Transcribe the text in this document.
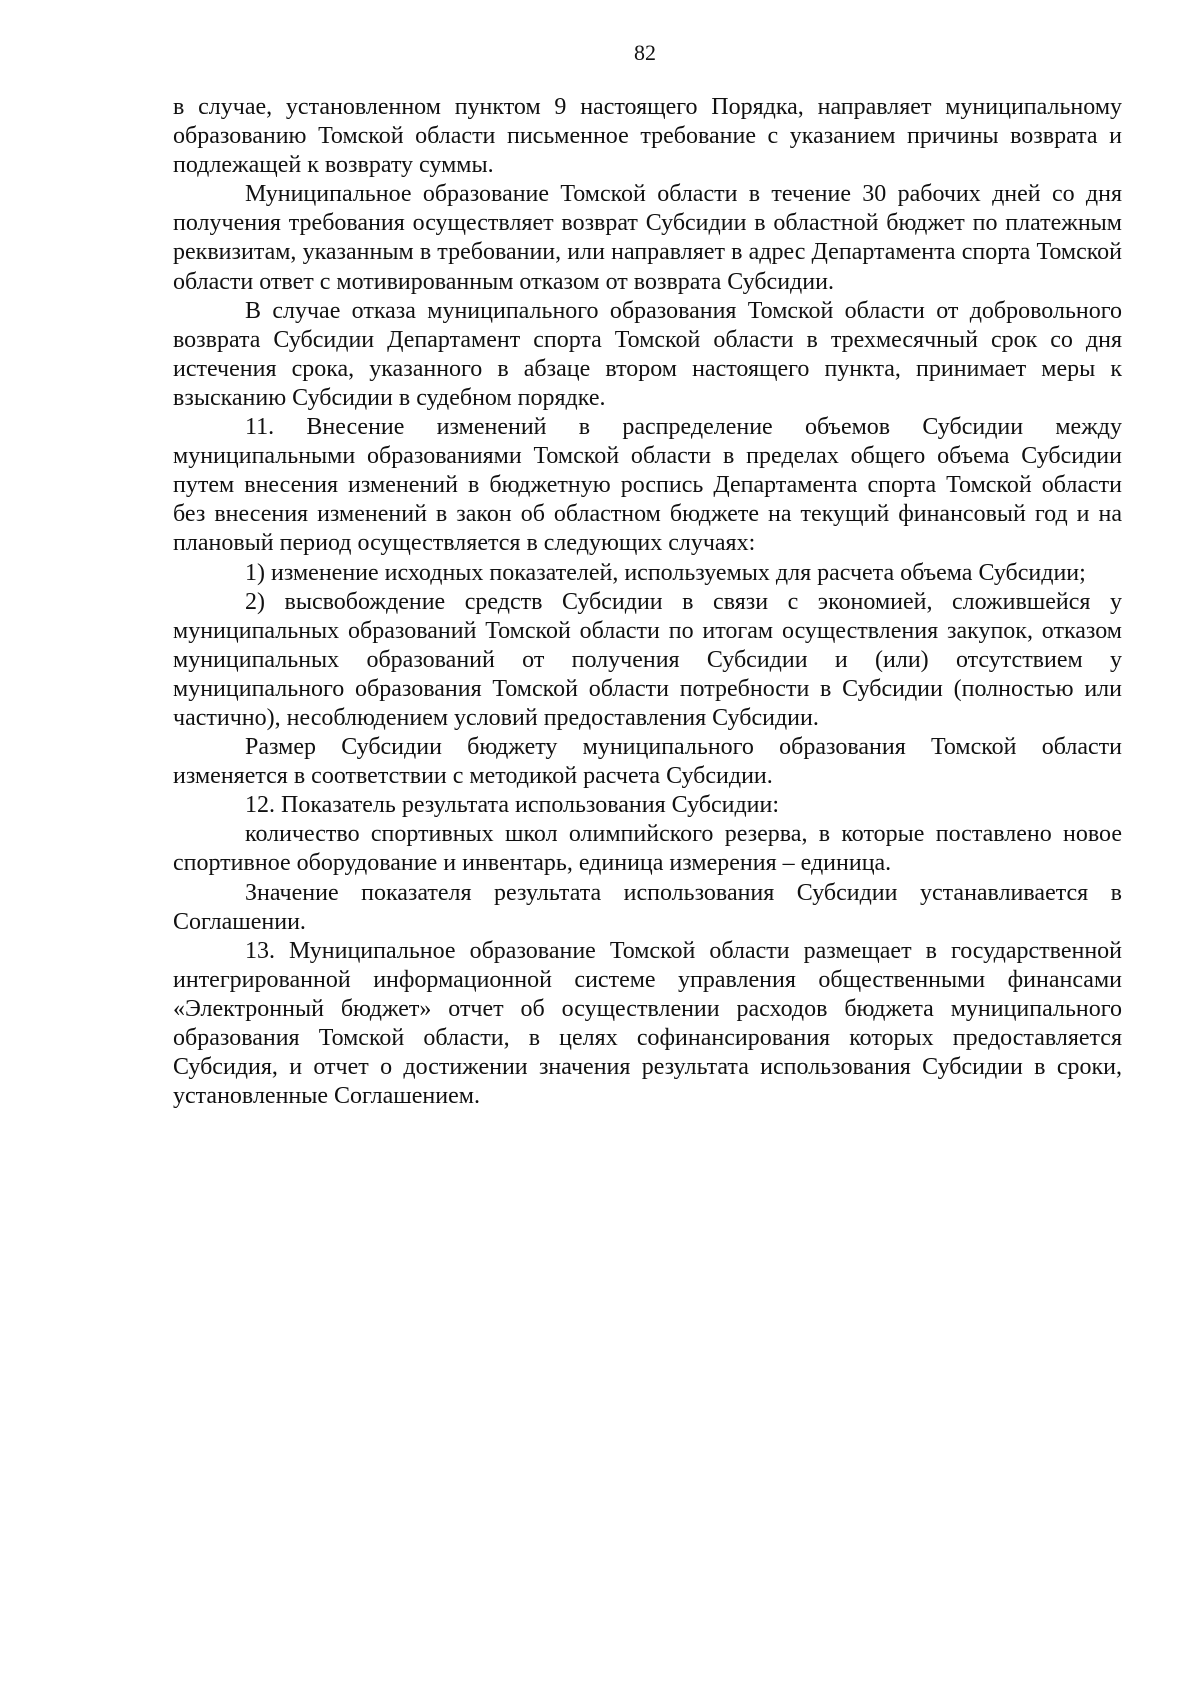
82

в случае, установленном пунктом 9 настоящего Порядка, направляет муниципальному образованию Томской области письменное требование с указанием причины возврата и подлежащей к возврату суммы.

Муниципальное образование Томской области в течение 30 рабочих дней со дня получения требования осуществляет возврат Субсидии в областной бюджет по платежным реквизитам, указанным в требовании, или направляет в адрес Департамента спорта Томской области ответ с мотивированным отказом от возврата Субсидии.

В случае отказа муниципального образования Томской области от добровольного возврата Субсидии Департамент спорта Томской области в трехмесячный срок со дня истечения срока, указанного в абзаце втором настоящего пункта, принимает меры к взысканию Субсидии в судебном порядке.

11. Внесение изменений в распределение объемов Субсидии между муниципальными образованиями Томской области в пределах общего объема Субсидии путем внесения изменений в бюджетную роспись Департамента спорта Томской области без внесения изменений в закон об областном бюджете на текущий финансовый год и на плановый период осуществляется в следующих случаях:

1) изменение исходных показателей, используемых для расчета объема Субсидии;

2) высвобождение средств Субсидии в связи с экономией, сложившейся у муниципальных образований Томской области по итогам осуществления закупок, отказом муниципальных образований от получения Субсидии и (или) отсутствием у муниципального образования Томской области потребности в Субсидии (полностью или частично), несоблюдением условий предоставления Субсидии.

Размер Субсидии бюджету муниципального образования Томской области изменяется в соответствии с методикой расчета Субсидии.

12. Показатель результата использования Субсидии:

количество спортивных школ олимпийского резерва, в которые поставлено новое спортивное оборудование и инвентарь, единица измерения – единица.

Значение показателя результата использования Субсидии устанавливается в Соглашении.

13. Муниципальное образование Томской области размещает в государственной интегрированной информационной системе управления общественными финансами «Электронный бюджет» отчет об осуществлении расходов бюджета муниципального образования Томской области, в целях софинансирования которых предоставляется Субсидия, и отчет о достижении значения результата использования Субсидии в сроки, установленные Соглашением.
